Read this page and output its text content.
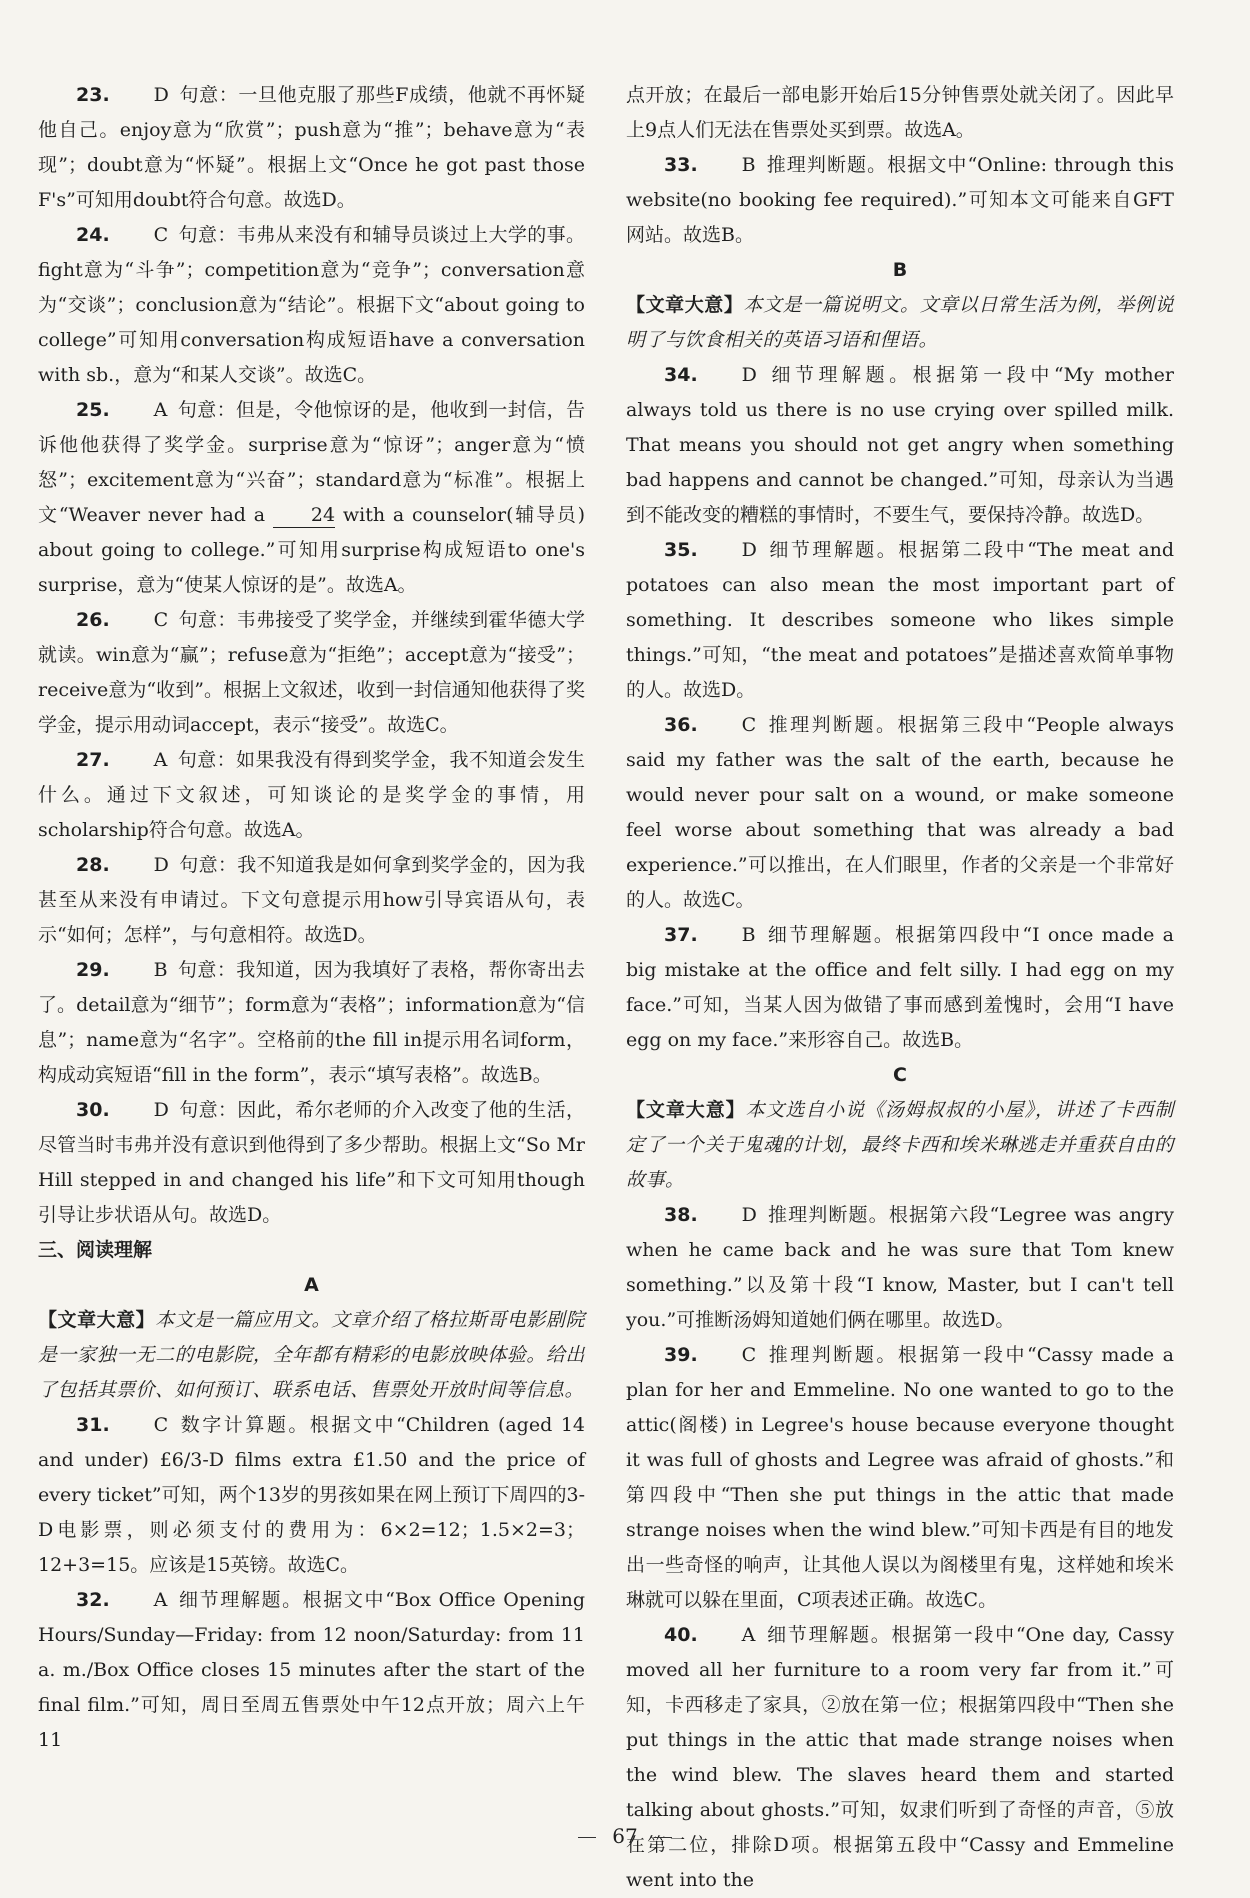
23. D 句意：一旦他克服了那些F成绩，他就不再怀疑他自己。enjoy意为“欣赏”；push意为“推”；behave意为“表现”；doubt意为“怀疑”。根据上文“Once he got past those F's”可知用doubt符合句意。故选D。

24. C 句意：韦弗从来没有和辅导员谈过上大学的事。fight意为“斗争”；competition意为“竞争”；conversation意为“交谈”；conclusion意为“结论”。根据下文“about going to college”可知用conversation构成短语have a conversation with sb.，意为“和某人交谈”。故选C。

25. A 句意：但是，令他惊讶的是，他收到一封信，告诉他他获得了奖学金。surprise意为“惊讶”；anger意为“愤怒”；excitement意为“兴奋”；standard意为“标准”。根据上文“Weaver never had a 24 with a counselor(辅导员) about going to college.”可知用surprise构成短语to one's surprise，意为“使某人惊讶的是”。故选A。

26. C 句意：韦弗接受了奖学金，并继续到霍华德大学就读。win意为“赢”；refuse意为“拒绝”；accept意为“接受”；receive意为“收到”。根据上文叙述，收到一封信通知他获得了奖学金，提示用动词accept，表示“接受”。故选C。

27. A 句意：如果我没有得到奖学金，我不知道会发生什么。通过下文叙述，可知谈论的是奖学金的事情，用scholarship符合句意。故选A。

28. D 句意：我不知道我是如何拿到奖学金的，因为我甚至从来没有申请过。下文句意提示用how引导宾语从句，表示“如何；怎样”，与句意相符。故选D。

29. B 句意：我知道，因为我填好了表格，帮你寄出去了。detail意为“细节”；form意为“表格”；information意为“信息”；name意为“名字”。空格前的the fill in提示用名词form，构成动宾短语“fill in the form”，表示“填写表格”。故选B。

30. D 句意：因此，希尔老师的介入改变了他的生活，尽管当时韦弗并没有意识到他得到了多少帮助。根据上文“So Mr Hill stepped in and changed his life”和下文可知用though引导让步状语从句。故选D。

三、阅读理解

A

【文章大意】本文是一篇应用文。文章介绍了格拉斯哥电影剧院是一家独一无二的电影院，全年都有精彩的电影放映体验。给出了包括其票价、如何预订、联系电话、售票处开放时间等信息。

31. C 数字计算题。根据文中“Children (aged 14 and under) £6/3-D films extra £1.50 and the price of every ticket”可知，两个13岁的男孩如果在网上预订下周四的3-D电影票，则必须支付的费用为：6×2=12；1.5×2=3；12+3=15。应该是15英镑。故选C。

32. A 细节理解题。根据文中“Box Office Opening Hours/Sunday—Friday: from 12 noon/Saturday: from 11 a. m./Box Office closes 15 minutes after the start of the final film.”可知，周日至周五售票处中午12点开放；周六上午11

点开放；在最后一部电影开始后15分钟售票处就关闭了。因此早上9点人们无法在售票处买到票。故选A。

33. B 推理判断题。根据文中“Online: through this website(no booking fee required).”可知本文可能来自GFT网站。故选B。

B

【文章大意】本文是一篇说明文。文章以日常生活为例，举例说明了与饮食相关的英语习语和俚语。

34. D 细节理解题。根据第一段中“My mother always told us there is no use crying over spilled milk. That means you should not get angry when something bad happens and cannot be changed.”可知，母亲认为当遇到不能改变的糟糕的事情时，不要生气，要保持冷静。故选D。

35. D 细节理解题。根据第二段中“The meat and potatoes can also mean the most important part of something. It describes someone who likes simple things.”可知，“the meat and potatoes”是描述喜欢简单事物的人。故选D。

36. C 推理判断题。根据第三段中“People always said my father was the salt of the earth, because he would never pour salt on a wound, or make someone feel worse about something that was already a bad experience.”可以推出，在人们眼里，作者的父亲是一个非常好的人。故选C。

37. B 细节理解题。根据第四段中“I once made a big mistake at the office and felt silly. I had egg on my face.”可知，当某人因为做错了事而感到羞愧时，会用“I have egg on my face.”来形容自己。故选B。

C

【文章大意】本文选自小说《汤姆叔叔的小屋》，讲述了卡西制定了一个关于鬼魂的计划，最终卡西和埃米琳逃走并重获自由的故事。

38. D 推理判断题。根据第六段“Legree was angry when he came back and he was sure that Tom knew something.”以及第十段“I know, Master, but I can't tell you.”可推断汤姆知道她们俩在哪里。故选D。

39. C 推理判断题。根据第一段中“Cassy made a plan for her and Emmeline. No one wanted to go to the attic(阁楼) in Legree's house because everyone thought it was full of ghosts and Legree was afraid of ghosts.”和第四段中“Then she put things in the attic that made strange noises when the wind blew.”可知卡西是有目的地发出一些奇怪的响声，让其他人误以为阁楼里有鬼，这样她和埃米琳就可以躲在里面，C项表述正确。故选C。

40. A 细节理解题。根据第一段中“One day, Cassy moved all her furniture to a room very far from it.”可知，卡西移走了家具，②放在第一位；根据第四段中“Then she put things in the attic that made strange noises when the wind blew. The slaves heard them and started talking about ghosts.”可知，奴隶们听到了奇怪的声音，⑤放在第二位，排除D项。根据第五段中“Cassy and Emmeline went into the

67
